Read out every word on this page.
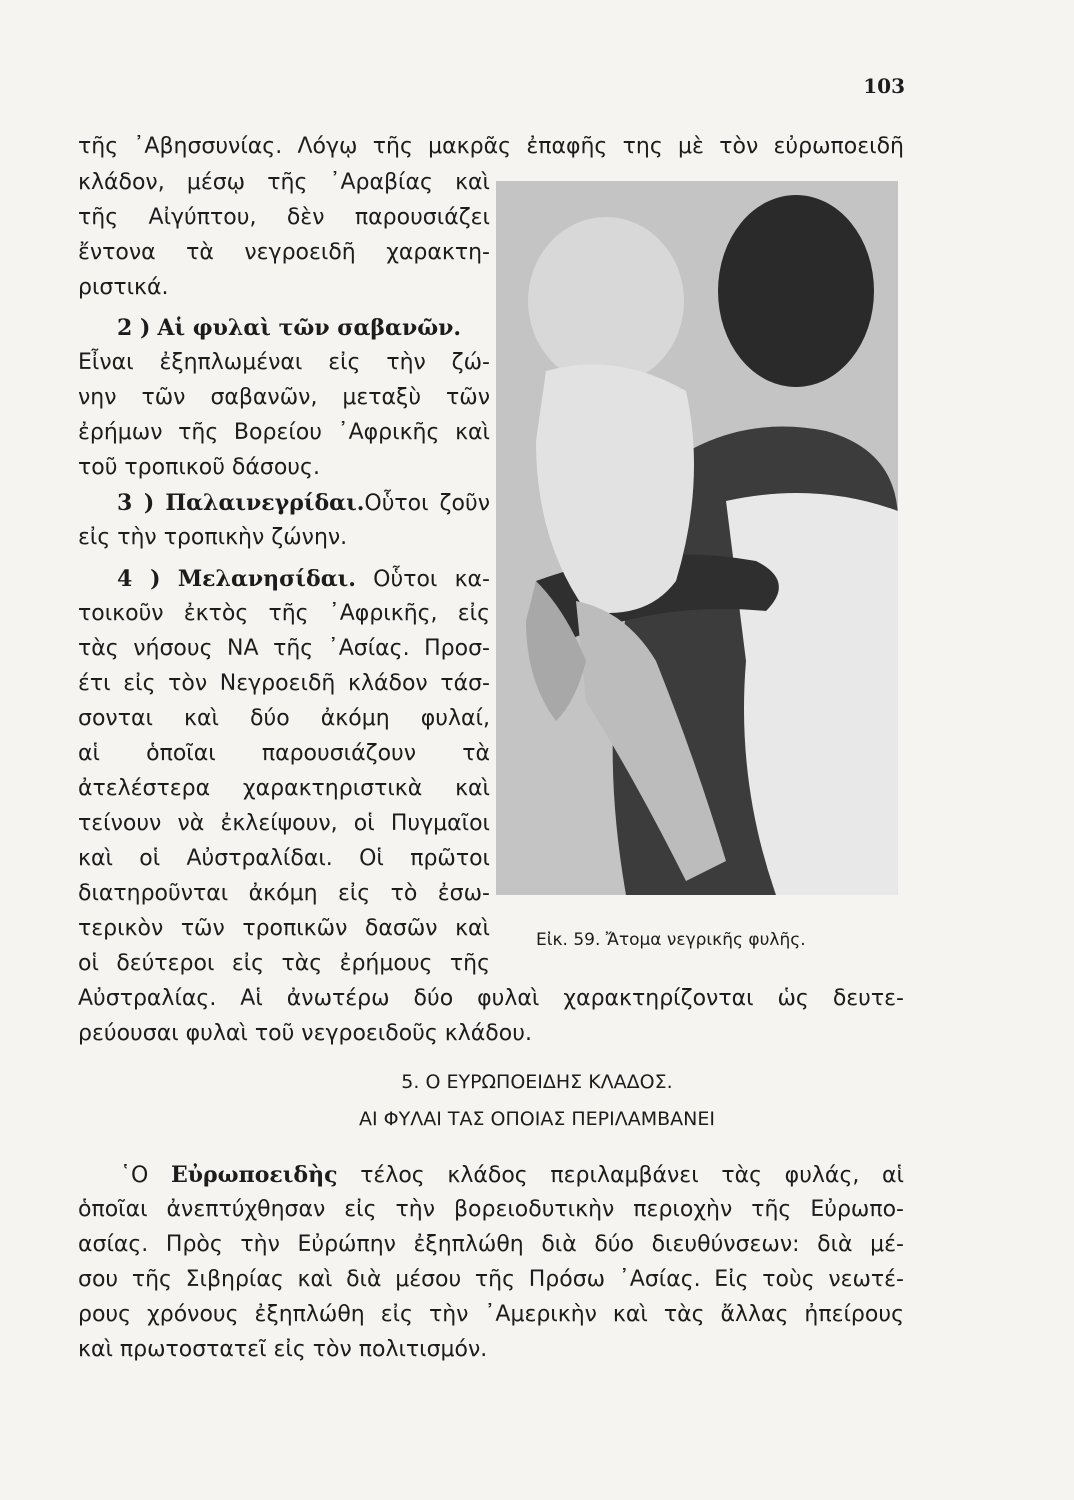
103
τῆς ᾿Αβησσυνίας. Λόγῳ τῆς μακρᾶς ἐπαφῆς της μὲ τὸν εὐρωποειδῆ
κλάδον, μέσῳ τῆς ᾿Αραβίας καὶ
τῆς Αἰγύπτου, δὲν παρουσιάζει
ἔντονα τὰ νεγροειδῆ χαρακτη-
ριστικά.
2 ) Αἱ φυλαὶ τῶν σαβανῶν.
Εἶναι ἐξηπλωμέναι εἰς τὴν ζώ-
νην τῶν σαβανῶν, μεταξὺ τῶν
ἐρήμων τῆς Βορείου ᾿Αφρικῆς καὶ
τοῦ τροπικοῦ δάσους.
3 ) Παλαινεγρίδαι.Οὗτοι ζοῦν
εἰς τὴν τροπικὴν ζώνην.
4 ) Μελανησίδαι. Οὗτοι κα-
τοικοῦν ἐκτὸς τῆς ᾿Αφρικῆς, εἰς
τὰς νήσους ΝΑ τῆς ᾿Ασίας. Προσ-
έτι εἰς τὸν Νεγροειδῆ κλάδον τάσ-
σονται καὶ δύο ἀκόμη φυλαί,
αἱ ὁποῖαι παρουσιάζουν τὰ
ἀτελέστερα χαρακτηριστικὰ καὶ
τείνουν νὰ ἐκλείψουν, οἱ Πυγμαῖοι
καὶ οἱ Αὐστραλίδαι. Οἱ πρῶτοι
διατηροῦνται ἀκόμη εἰς τὸ ἐσω-
τερικὸν τῶν τροπικῶν δασῶν καὶ
οἱ δεύτεροι εἰς τὰς ἐρήμους τῆς
Αὐστραλίας. Αἱ ἀνωτέρω δύο φυλαὶ χαρακτηρίζονται ὡς δευτε-
ρεύουσαι φυλαὶ τοῦ νεγροειδοῦς κλάδου.
Εἰκ. 59. Ἄτομα νεγρικῆς φυλῆς.
5. Ο ΕΥΡΩΠΟΕΙΔΗΣ ΚΛΑΔΟΣ.
ΑΙ ΦΥΛΑΙ ΤΑΣ ΟΠΟΙΑΣ ΠΕΡΙΛΑΜΒΑΝΕΙ
῾Ο Εὐρωποειδὴς τέλος κλάδος περιλαμβάνει τὰς φυλάς, αἱ
ὁποῖαι ἀνεπτύχθησαν εἰς τὴν βορειοδυτικὴν περιοχὴν τῆς Εὐρωπο-
ασίας. Πρὸς τὴν Εὐρώπην ἐξηπλώθη διὰ δύο διευθύνσεων: διὰ μέ-
σου τῆς Σιβηρίας καὶ διὰ μέσου τῆς Πρόσω ᾿Ασίας. Εἰς τοὺς νεωτέ-
ρους χρόνους ἐξηπλώθη εἰς τὴν ᾿Αμερικὴν καὶ τὰς ἄλλας ἠπείρους
καὶ πρωτοστατεῖ εἰς τὸν πολιτισμόν.
